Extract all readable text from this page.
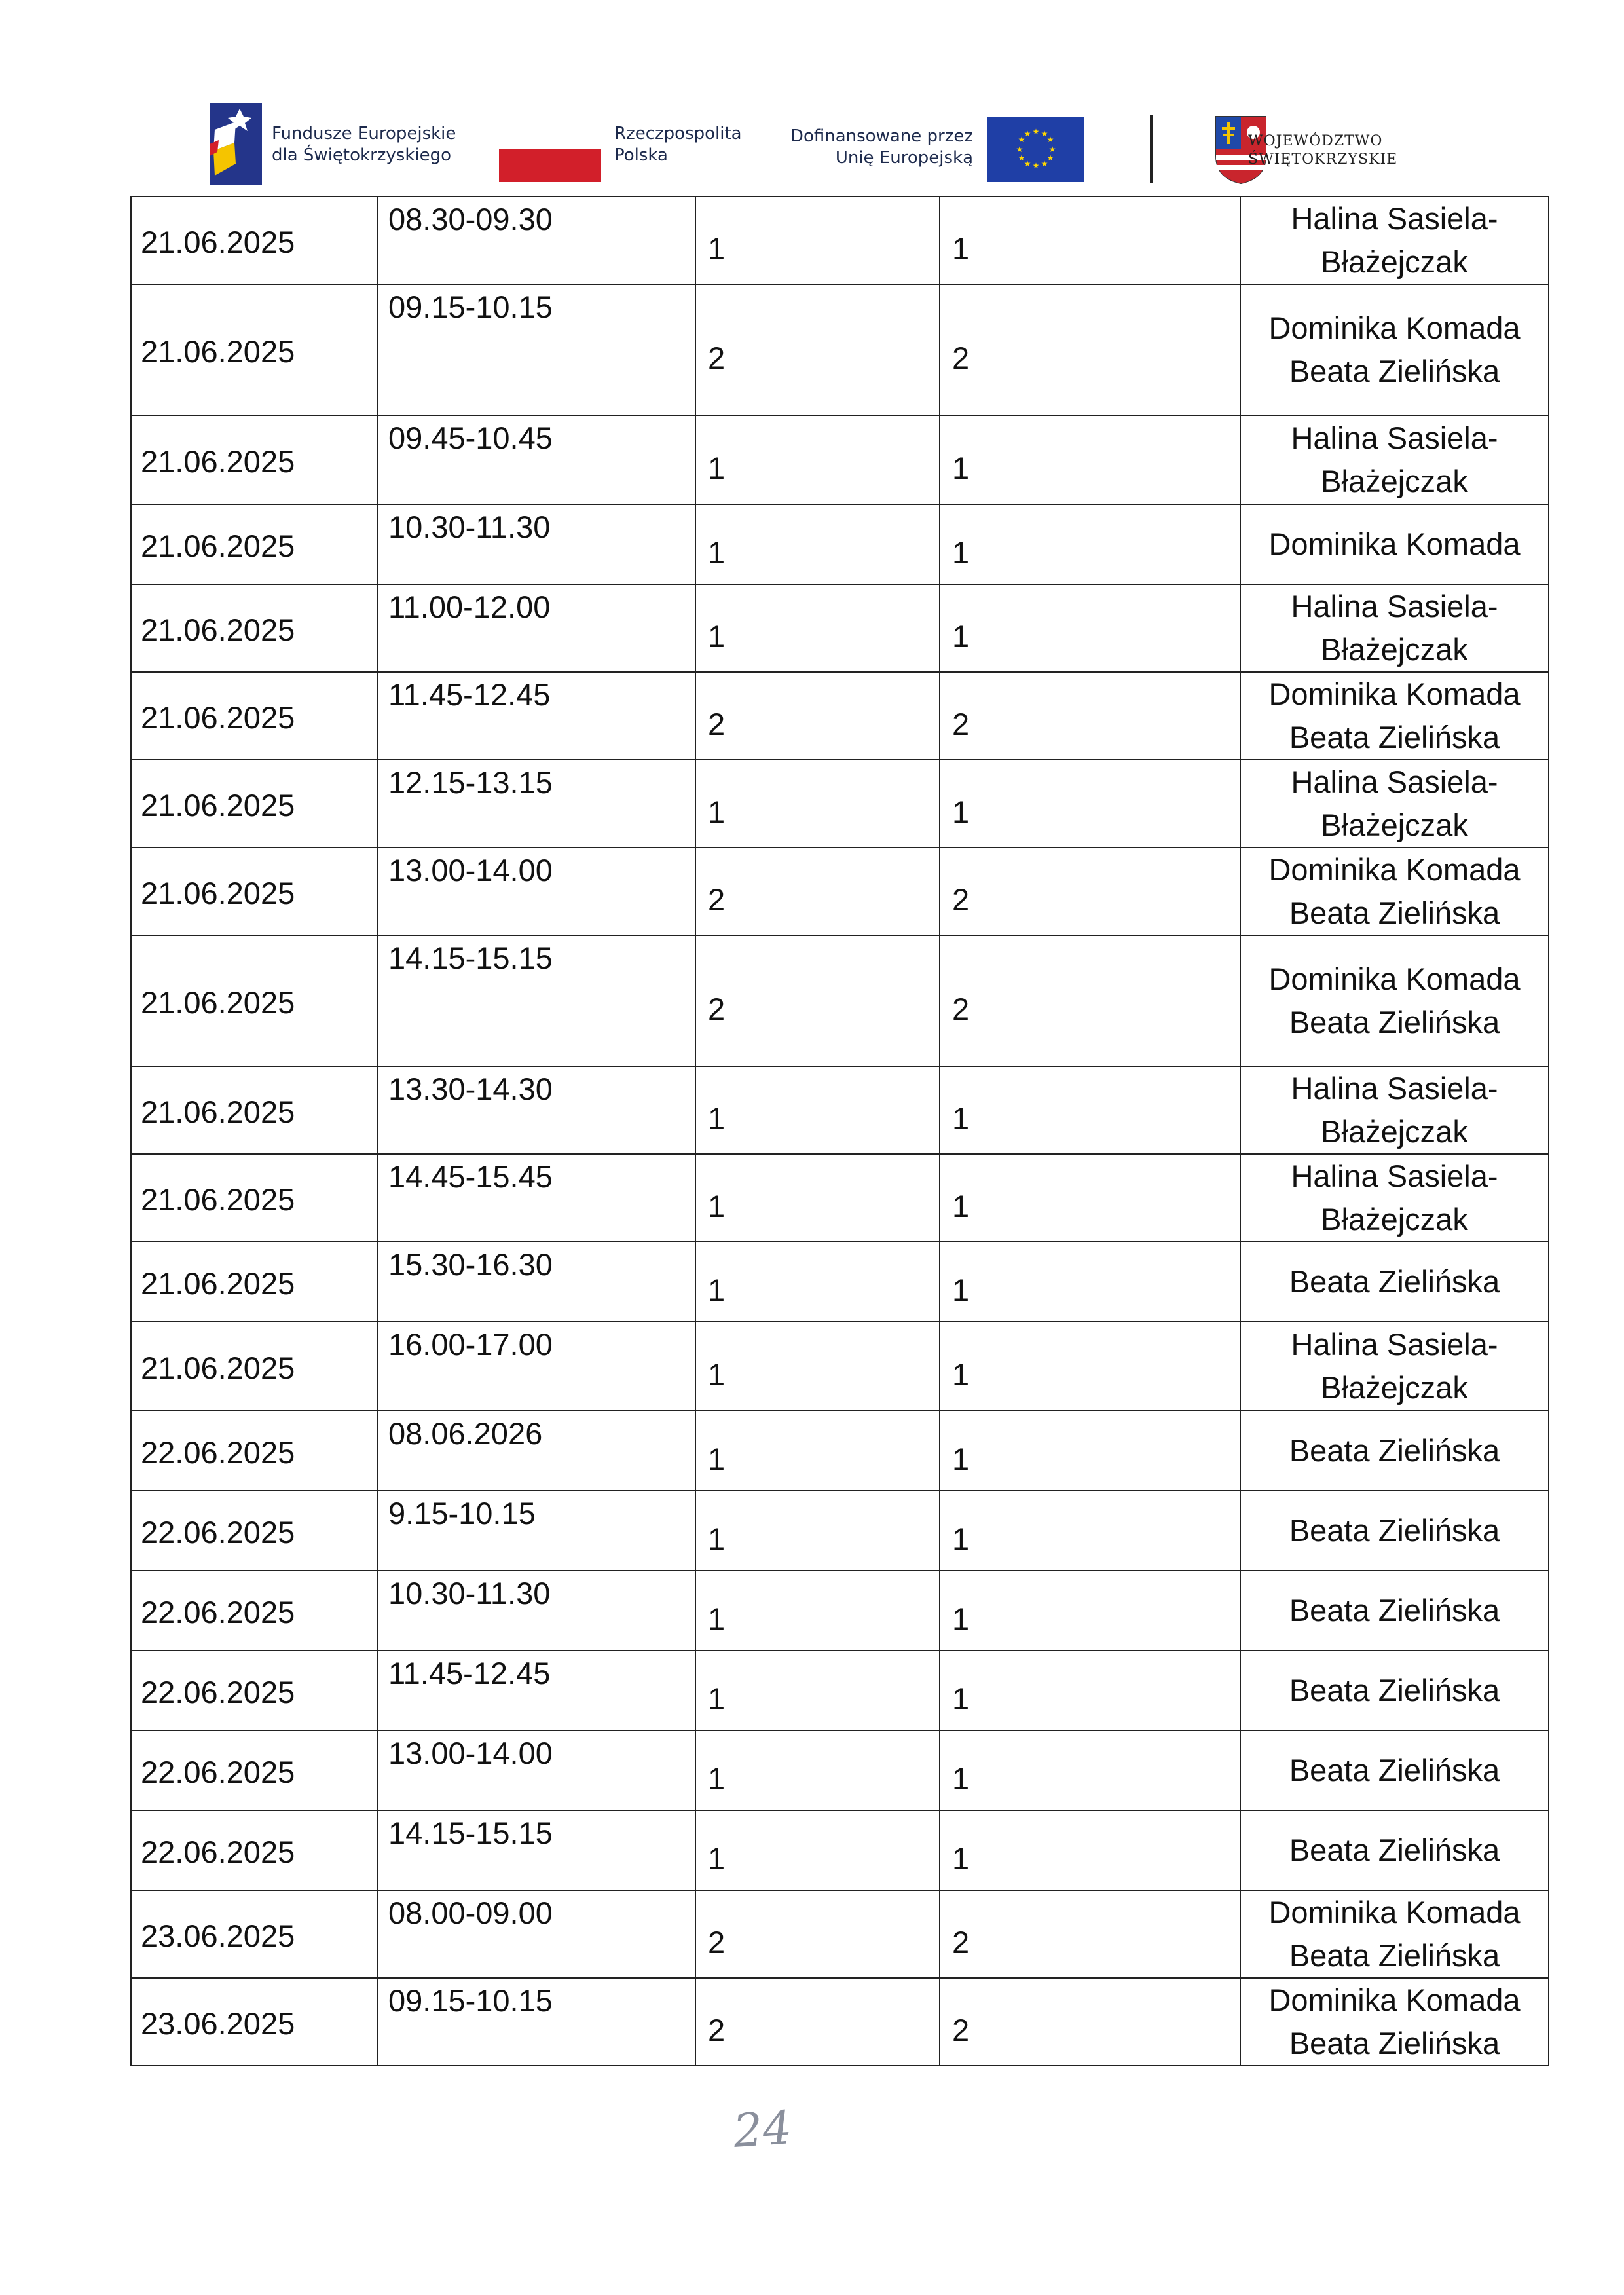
Fundusze Europejskie
dla Świętokrzyskiego
Rzeczpospolita
Polska
Dofinansowane przez
Unię Europejską
★ ★
★
★
★
★
★
★
★
★
★
★	WOJEWÓDZTWO
ŚWIĘTOKRZYSKIE
21.06.2025	08.30-09.30	1	1	Halina Sasiela-
Błażejczak

21.06.2025	09.15-10.15	2	2	Dominika Komada
Beata Zielińska

21.06.2025	09.45-10.45	1	1	Halina Sasiela-
Błażejczak

21.06.2025	10.30-11.30	1	1	Dominika Komada

21.06.2025	11.00-12.00	1	1	Halina Sasiela-
Błażejczak

21.06.2025	11.45-12.45	2	2	Dominika Komada
Beata Zielińska

21.06.2025	12.15-13.15	1	1	Halina Sasiela-
Błażejczak

21.06.2025	13.00-14.00	2	2	Dominika Komada
Beata Zielińska

21.06.2025	14.15-15.15	2	2	Dominika Komada
Beata Zielińska

21.06.2025	13.30-14.30	1	1	Halina Sasiela-
Błażejczak

21.06.2025	14.45-15.45	1	1	Halina Sasiela-
Błażejczak

21.06.2025	15.30-16.30	1	1	Beata Zielińska

21.06.2025	16.00-17.00	1	1	Halina Sasiela-
Błażejczak

22.06.2025	08.06.2026	1	1	Beata Zielińska

22.06.2025	9.15-10.15	1	1	Beata Zielińska

22.06.2025	10.30-11.30	1	1	Beata Zielińska

22.06.2025	11.45-12.45	1	1	Beata Zielińska

22.06.2025	13.00-14.00	1	1	Beata Zielińska

22.06.2025	14.15-15.15	1	1	Beata Zielińska

23.06.2025	08.00-09.00	2	2	Dominika Komada
Beata Zielińska

23.06.2025	09.15-10.15	2	2	Dominika Komada
Beata Zielińska
24
